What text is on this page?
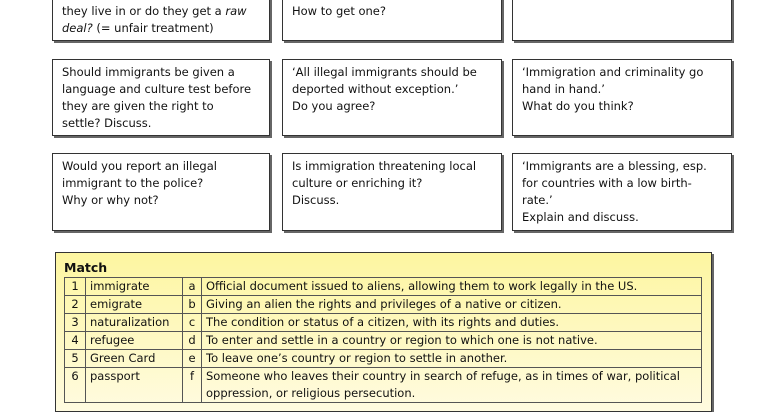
they live in or do they get a raw deal? (= unfair treatment)
How to get one?
Should immigrants be given a
language and culture test before
they are given the right to
settle? Discuss.
‘All illegal immigrants should be
deported without exception.’
Do you agree?
‘Immigration and criminality go
hand in hand.’
What do you think?
Would you report an illegal
immigrant to the police?
Why or why not?
Is immigration threatening local
culture or enriching it?
Discuss.
‘Immigrants are a blessing, esp.
for countries with a low birth-
rate.’
Explain and discuss.
Match
1	immigrate	a	Official document issued to aliens, allowing them to work legally in the US.
2	emigrate	b	Giving an alien the rights and privileges of a native or citizen.
3	naturalization	c	The condition or status of a citizen, with its rights and duties.
4	refugee	d	To enter and settle in a country or region to which one is not native.
5	Green Card	e	To leave one’s country or region to settle in another.
6	passport	f	Someone who leaves their country in search of refuge, as in times of war, political oppression, or religious persecution.
